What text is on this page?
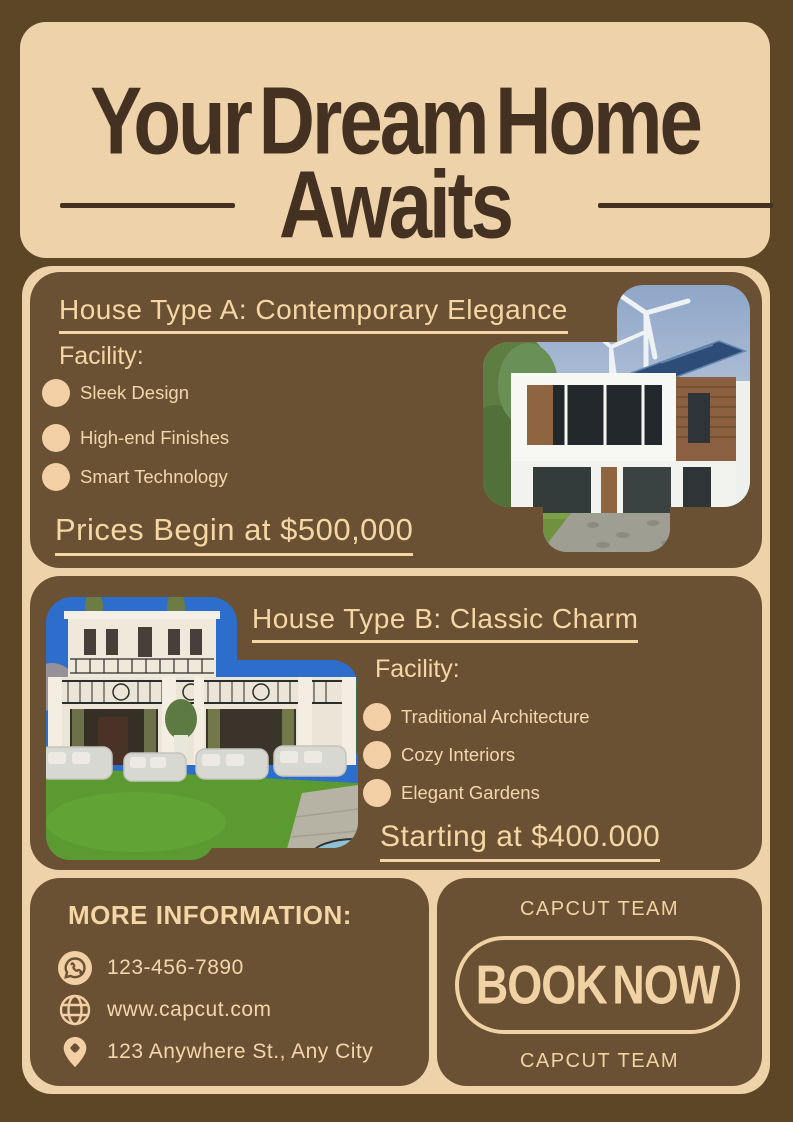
Your Dream Home
Awaits
House Type A: Contemporary Elegance
Facility:
Sleek Design
High-end Finishes
Smart Technology
Prices Begin at $500,000
House Type B: Classic Charm
Facility:
Traditional Architecture
Cozy Interiors
Elegant Gardens
Starting at $400.000
MORE INFORMATION:
123-456-7890
www.capcut.com
123 Anywhere St., Any City
CAPCUT TEAM
BOOK NOW
CAPCUT TEAM
